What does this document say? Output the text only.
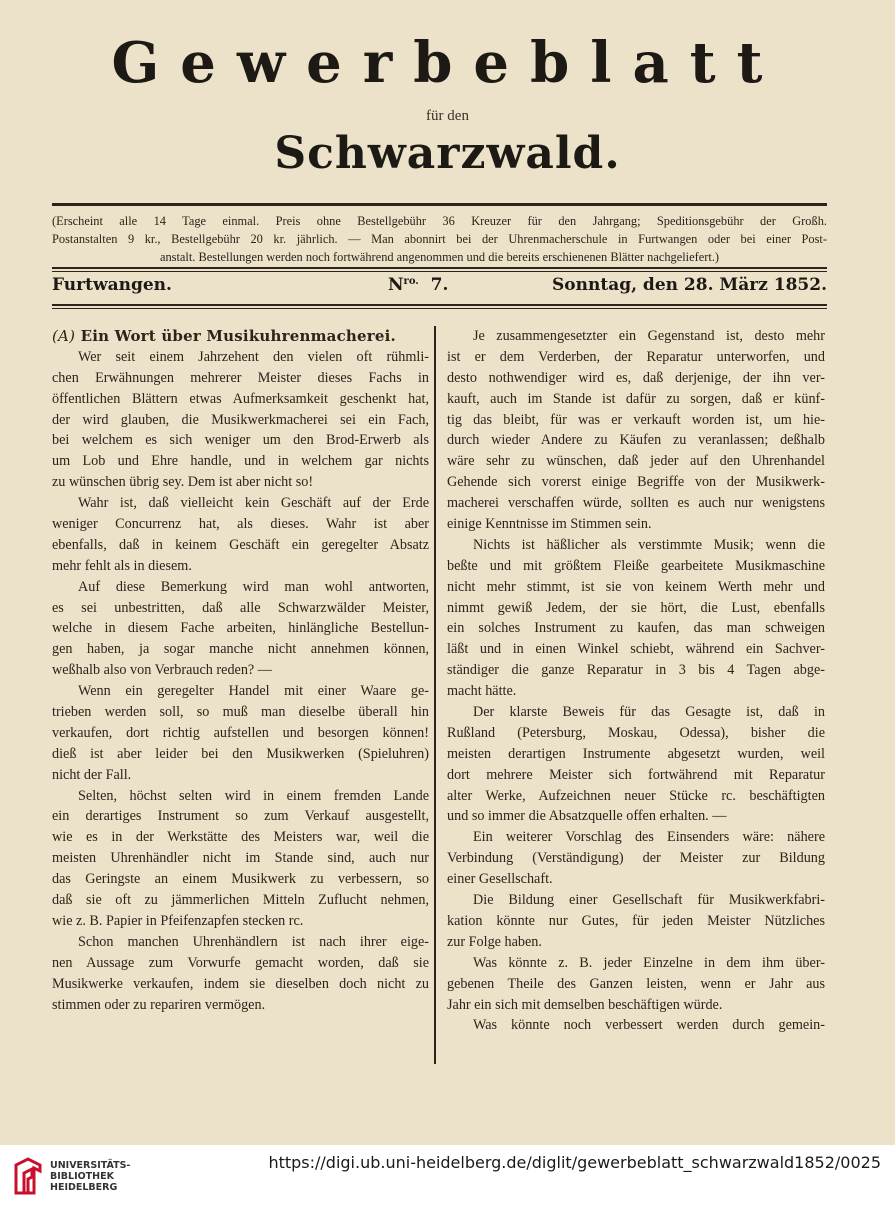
Gewerbeblatt
für den
Schwarzwald.
(Erscheint alle 14 Tage einmal. Preis ohne Bestellgebühr 36 Kreuzer für den Jahrgang; Speditionsgebühr der Großh.
Postanstalten 9 kr., Bestellgebühr 20 kr. jährlich. — Man abonnirt bei der Uhrenmacherschule in Furtwangen oder bei einer Post-
anstalt. Bestellungen werden noch fortwährend angenommen und die bereits erschienenen Blätter nachgeliefert.)
Furtwangen.	$N^{ro.}$ 7.	Sonntag, den 28. März 1852.
(A) Ein Wort über Musikuhrenmacherei.
Wer seit einem Jahrzehent den vielen oft rühmli-
chen Erwähnungen mehrerer Meister dieses Fachs in
öffentlichen Blättern etwas Aufmerksamkeit geschenkt hat,
der wird glauben, die Musikwerkmacherei sei ein Fach,
bei welchem es sich weniger um den Brod-Erwerb als
um Lob und Ehre handle, und in welchem gar nichts
zu wünschen übrig sey. Dem ist aber nicht so!
Wahr ist, daß vielleicht kein Geschäft auf der Erde
weniger Concurrenz hat, als dieses. Wahr ist aber
ebenfalls, daß in keinem Geschäft ein geregelter Absatz
mehr fehlt als in diesem.
Auf diese Bemerkung wird man wohl antworten,
es sei unbestritten, daß alle Schwarzwälder Meister,
welche in diesem Fache arbeiten, hinlängliche Bestellun-
gen haben, ja sogar manche nicht annehmen können,
weßhalb also von Verbrauch reden? —
Wenn ein geregelter Handel mit einer Waare ge-
trieben werden soll, so muß man dieselbe überall hin
verkaufen, dort richtig aufstellen und besorgen können!
dieß ist aber leider bei den Musikwerken (Spieluhren)
nicht der Fall.
Selten, höchst selten wird in einem fremden Lande
ein derartiges Instrument so zum Verkauf ausgestellt,
wie es in der Werkstätte des Meisters war, weil die
meisten Uhrenhändler nicht im Stande sind, auch nur
das Geringste an einem Musikwerk zu verbessern, so
daß sie oft zu jämmerlichen Mitteln Zuflucht nehmen,
wie z. B. Papier in Pfeifenzapfen stecken rc.
Schon manchen Uhrenhändlern ist nach ihrer eige-
nen Aussage zum Vorwurfe gemacht worden, daß sie
Musikwerke verkaufen, indem sie dieselben doch nicht zu
stimmen oder zu repariren vermögen.
Je zusammengesetzter ein Gegenstand ist, desto mehr
ist er dem Verderben, der Reparatur unterworfen, und
desto nothwendiger wird es, daß derjenige, der ihn ver-
kauft, auch im Stande ist dafür zu sorgen, daß er künf-
tig das bleibt, für was er verkauft worden ist, um hie-
durch wieder Andere zu Käufen zu veranlassen; deßhalb
wäre sehr zu wünschen, daß jeder auf den Uhrenhandel
Gehende sich vorerst einige Begriffe von der Musikwerk-
macherei verschaffen würde, sollten es auch nur wenigstens
einige Kenntnisse im Stimmen sein.
Nichts ist häßlicher als verstimmte Musik; wenn die
beßte und mit größtem Fleiße gearbeitete Musikmaschine
nicht mehr stimmt, ist sie von keinem Werth mehr und
nimmt gewiß Jedem, der sie hört, die Lust, ebenfalls
ein solches Instrument zu kaufen, das man schweigen
läßt und in einen Winkel schiebt, während ein Sachver-
ständiger die ganze Reparatur in 3 bis 4 Tagen abge-
macht hätte.
Der klarste Beweis für das Gesagte ist, daß in
Rußland (Petersburg, Moskau, Odessa), bisher die
meisten derartigen Instrumente abgesetzt wurden, weil
dort mehrere Meister sich fortwährend mit Reparatur
alter Werke, Aufzeichnen neuer Stücke rc. beschäftigten
und so immer die Absatzquelle offen erhalten. —
Ein weiterer Vorschlag des Einsenders wäre: nähere
Verbindung (Verständigung) der Meister zur Bildung
einer Gesellschaft.
Die Bildung einer Gesellschaft für Musikwerkfabri-
kation könnte nur Gutes, für jeden Meister Nützliches
zur Folge haben.
Was könnte z. B. jeder Einzelne in dem ihm über-
gebenen Theile des Ganzen leisten, wenn er Jahr aus
Jahr ein sich mit demselben beschäftigen würde.
Was könnte noch verbessert werden durch gemein-
UNIVERSITÄTS-
BIBLIOTHEK
HEIDELBERG
https://digi.ub.uni-heidelberg.de/diglit/gewerbeblatt_schwarzwald1852/0025
